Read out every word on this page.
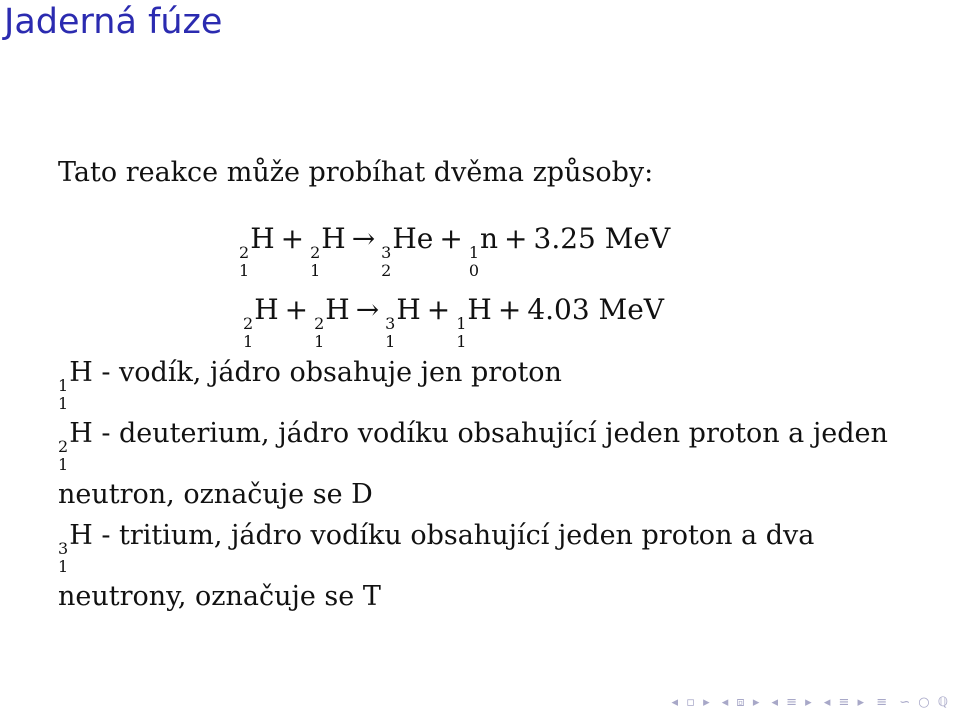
Jaderná fúze
Tato reakce může probíhat dvěma způsoby:
2
1
H + 2
1
H → 3
2
He + 1
0
n + 3.25 MeV
2
1
H + 2
1
H → 3
1
H + 1
1
H + 4.03 MeV

1
1
H - vodík, jádro obsahuje jen proton

2
1
H - deuterium, jádro vodíku obsahující jeden proton a jeden neutron, označuje se D

3
1
H - tritium, jádro vodíku obsahující jeden proton a dva neutrony, označuje se T

◂ ▫ ▸ ◂ ⧈ ▸ ◂ ≡ ▸ ◂ ≡ ▸ ≡ ∽ ○ ℚ
